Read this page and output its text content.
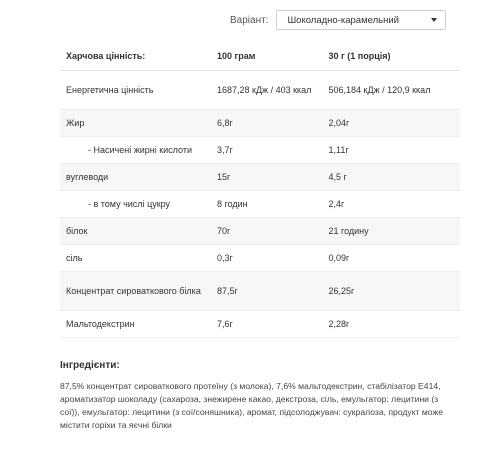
Варіант: Шоколадно-карамельний
Харчова цінність:	100 грам	30 г (1 порція)
Енергетична цінність	1687,28 кДж / 403 ккал	506,184 кДж / 120,9 ккал
Жир	6,8г	2,04г
- Насичені жирні кислоти	3,7г	1,11г
вуглеводи	15г	4,5 г
- в тому числі цукру	8 годин	2,4г
білок	70г	21 годину
сіль	0,3г	0,09г
Концентрат сироваткового білка	87,5г	26,25г
Мальтодекстрин	7,6г	2,28г
Інгредієнти:
87,5% концентрат сироваткового протеїну (з молока), 7,6% мальтодекстрин, стабілізатор E414, ароматизатор шоколаду (сахароза, знежирене какао, декстроза, сіль, емульгатор: лецитини (з сої)), емульгатор: лецитини (з сої/соняшника), аромат, підсолоджувач: сукралоза, продукт може містити горіхи та яєчні білки
